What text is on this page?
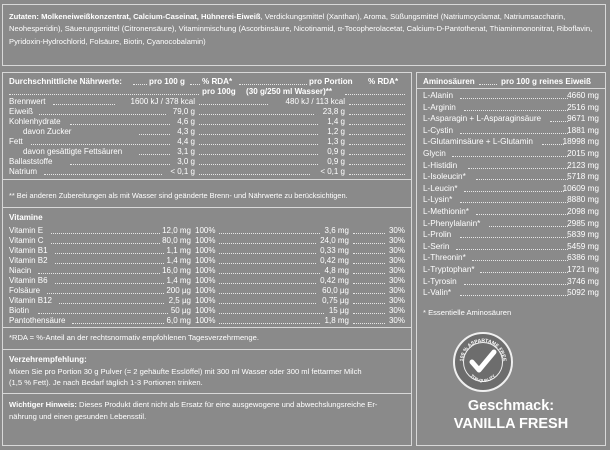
Zutaten: Molkeneiweißkonzentrat, Calcium-Caseinat, Hühnerei-Eiweiß, Verdickungsmittel (Xanthan), Aroma, Süßungsmittel (Natriumcyclamat, Natriumsaccharin, Neohesperidin), Säuerungsmittel (Citronensäure), Vitaminmischung (Ascorbinsäure, Nicotinamid, α-Tocopherolacetat, Calcium-D-Pantothenat, Thiaminmononitrat, Riboflavin, Pyridoxin-Hydrochlorid, Folsäure, Biotin, Cyanocobalamin)
Durchschnittliche Nährwerte:	pro 100 g % RDA*	pro Portion % RDA*
pro 100g (30 g/250 ml Wasser)**
Brennwert	1600 kJ / 378 kcal	480 kJ / 113 kcal
Eiweiß	79,0 g	23,8 g
Kohlenhydrate	4,6 g	1,4 g
davon Zucker	4,3 g	1,2 g
Fett	4,4 g	1,3 g
davon gesättigte Fettsäuren	3,1 g	0,9 g
Ballaststoffe	3,0 g	0,9 g
Natrium	< 0,1 g	< 0,1 g
** Bei anderen Zubereitungen als mit Wasser sind geänderte Brenn- und Nährwerte zu berücksichtigen.
Vitamine
Vitamin E	12,0 mg 100%	3,6 mg	30%
Vitamin C	80,0 mg 100%	24,0 mg	30%
Vitamin B1	1,1 mg 100%	0,33 mg	30%
Vitamin B2	1,4 mg 100%	0,42 mg	30%
Niacin	16,0 mg 100%	4,8 mg	30%
Vitamin B6	1,4 mg 100%	0,42 mg	30%
Folsäure	200 µg 100%	60,0 µg	30%
Vitamin B12	2,5 µg 100%	0,75 µg	30%
Biotin	50 µg 100%	15 µg	30%
Pantothensäure	6,0 mg 100%	1,8 mg	30%
*RDA = %-Anteil an der rechtsnormativ empfohlenen Tagesverzehrmenge.
Verzehrempfehlung:
Mixen Sie pro Portion 30 g Pulver (= 2 gehäufte Esslöffel) mit 300 ml Wasser oder 300 ml fettarmer Milch
(1,5 % Fett). Je nach Bedarf täglich 1-3 Portionen trinken.
Wichtiger Hinweis: Dieses Produkt dient nicht als Ersatz für eine ausgewogene und abwechslungsreiche Er-
nährung und einen gesunden Lebensstil.
Aminosäuren	pro 100 g reines Eiweiß
L-Alanin	4660 mg
L-Arginin	2516 mg
L-Asparagin + L-Asparaginsäure	9671 mg
L-Cystin	1881 mg
L-Glutaminsäure + L-Glutamin	18998 mg
Glycin	2015 mg
L-Histidin	2123 mg
L-Isoleucin*	5718 mg
L-Leucin*	10609 mg
L-Lysin*	8880 mg
L-Methionin*	2098 mg
L-Phenylalanin*	2985 mg
L-Prolin	5839 mg
L-Serin	5459 mg
L-Threonin*	6386 mg
L-Tryptophan*	1721 mg
L-Tyrosin	3746 mg
L-Valin*	5092 mg
* Essentielle Aminosäuren
100 % ASPARTAME FREE
TOP-QUALITY
Geschmack:
VANILLA FRESH
